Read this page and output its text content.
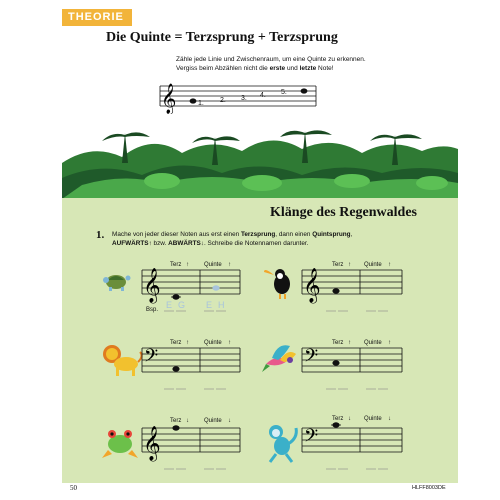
THEORIE
Die Quinte = Terzsprung + Terzsprung
Zähle jede Linie und Zwischenraum, um eine Quinte zu erkennen.
Vergiss beim Abzählen nicht die erste und letzte Note!
𝄞	1. 2. 3. 4. 5.
Klänge des Regenwaldes
1. Mache von jeder dieser Noten aus erst einen Terzsprung, dann einen Quintsprung,
AUFWÄRTS↑ bzw. ABWÄRTS↓. Schreibe die Notennamen darunter.
𝄞
Terz ↑	Quinte ↑
Bsp. E G E H
𝄞
Terz ↑ Quinte ↑
𝄢
Terz ↑	Quinte ↑
𝄢
Terz ↑ Quinte ↑
𝄞
Terz ↓	Quinte ↓
𝄢
Terz ↓ Quinte ↓
50	HLFF8003DE
